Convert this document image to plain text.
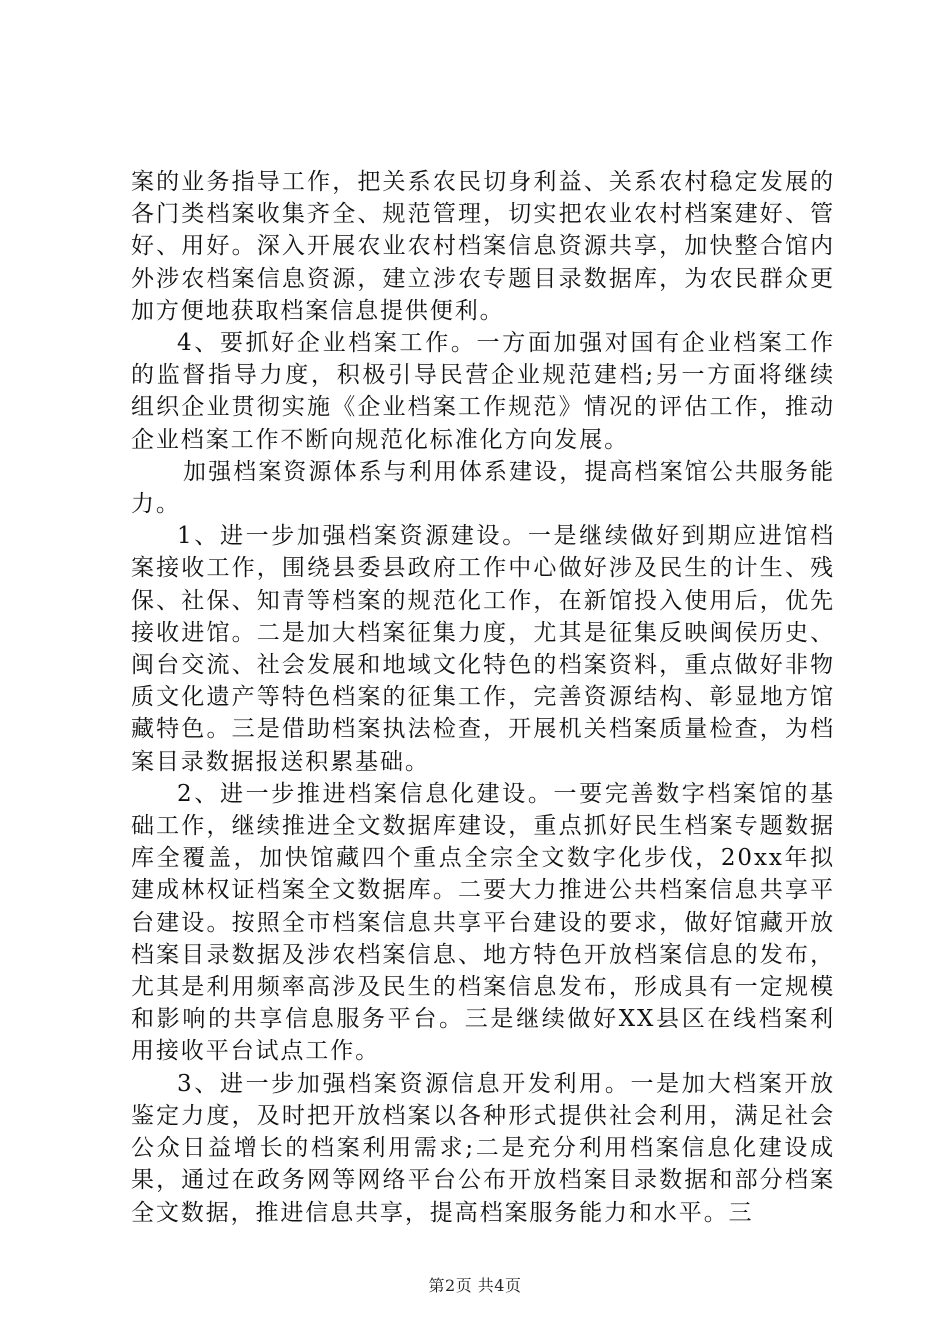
案的业务指导工作，把关系农民切身利益、关系农村稳定发展的各门类档案收集齐全、规范管理，切实把农业农村档案建好、管好、用好。深入开展农业农村档案信息资源共享，加快整合馆内外涉农档案信息资源，建立涉农专题目录数据库，为农民群众更加方便地获取档案信息提供便利。

4、要抓好企业档案工作。一方面加强对国有企业档案工作的监督指导力度，积极引导民营企业规范建档;另一方面将继续组织企业贯彻实施《企业档案工作规范》情况的评估工作，推动企业档案工作不断向规范化标准化方向发展。

加强档案资源体系与利用体系建设，提高档案馆公共服务能力。

1、进一步加强档案资源建设。一是继续做好到期应进馆档案接收工作，围绕县委县政府工作中心做好涉及民生的计生、残保、社保、知青等档案的规范化工作，在新馆投入使用后，优先接收进馆。二是加大档案征集力度，尤其是征集反映闽侯历史、闽台交流、社会发展和地域文化特色的档案资料，重点做好非物质文化遗产等特色档案的征集工作，完善资源结构、彰显地方馆藏特色。三是借助档案执法检查，开展机关档案质量检查，为档案目录数据报送积累基础。

2、进一步推进档案信息化建设。一要完善数字档案馆的基础工作，继续推进全文数据库建设，重点抓好民生档案专题数据库全覆盖，加快馆藏四个重点全宗全文数字化步伐，20xx年拟建成林权证档案全文数据库。二要大力推进公共档案信息共享平台建设。按照全市档案信息共享平台建设的要求，做好馆藏开放档案目录数据及涉农档案信息、地方特色开放档案信息的发布，尤其是利用频率高涉及民生的档案信息发布，形成具有一定规模和影响的共享信息服务平台。三是继续做好XX县区在线档案利用接收平台试点工作。

3、进一步加强档案资源信息开发利用。一是加大档案开放鉴定力度，及时把开放档案以各种形式提供社会利用，满足社会公众日益增长的档案利用需求;二是充分利用档案信息化建设成果，通过在政务网等网络平台公布开放档案目录数据和部分档案全文数据，推进信息共享，提高档案服务能力和水平。三

第2页 共4页
